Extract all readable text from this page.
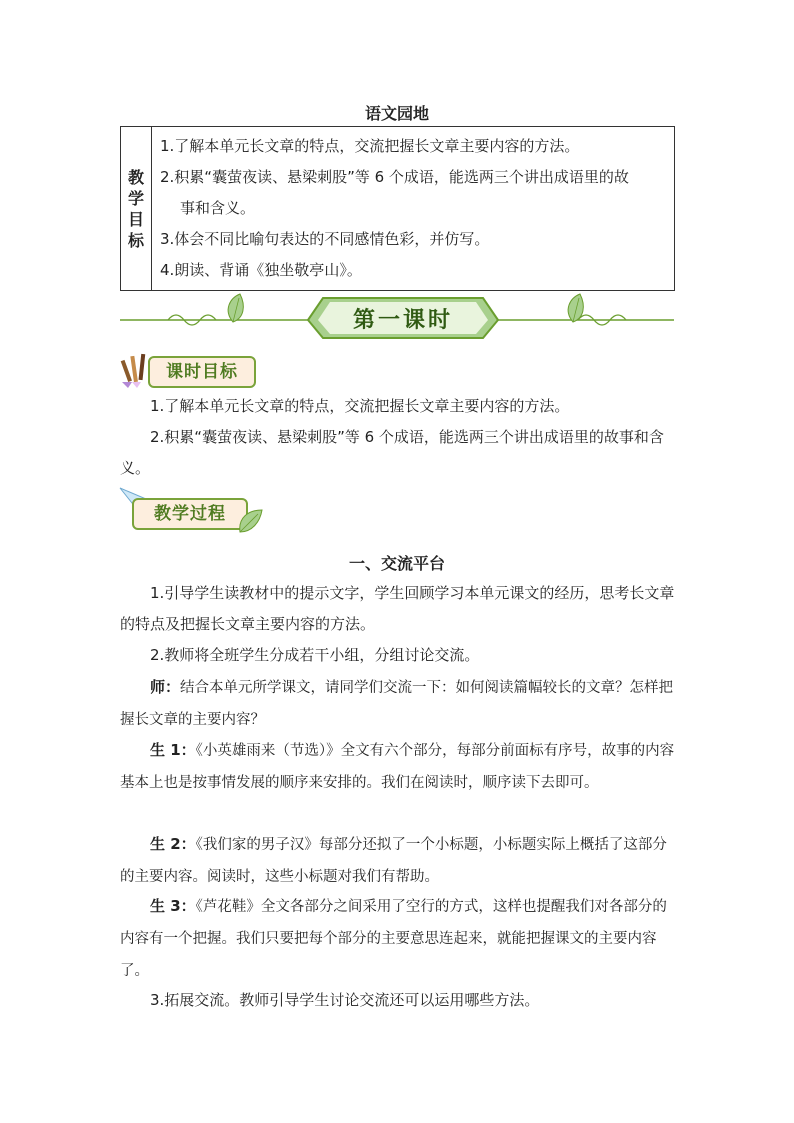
语文园地
教
学
目
标

1.了解本单元长文章的特点，交流把握长文章主要内容的方法。
2.积累“囊萤夜读、悬梁刺股”等 6 个成语，能选两三个讲出成语里的故
事和含义。
3.体会不同比喻句表达的不同感情色彩，并仿写。
4.朗读、背诵《独坐敬亭山》。
第一课时
课时目标
1.了解本单元长文章的特点，交流把握长文章主要内容的方法。
2.积累“囊萤夜读、悬梁刺股”等 6 个成语，能选两三个讲出成语里的故事和含义。
教学过程
一、交流平台
1.引导学生读教材中的提示文字，学生回顾学习本单元课文的经历，思考长文章的特点及把握长文章主要内容的方法。
2.教师将全班学生分成若干小组，分组讨论交流。
师：结合本单元所学课文，请同学们交流一下：如何阅读篇幅较长的文章？怎样把握长文章的主要内容？
生 1：《小英雄雨来（节选）》全文有六个部分，每部分前面标有序号，故事的内容基本上也是按事情发展的顺序来安排的。我们在阅读时，顺序读下去即可。
生 2：《我们家的男子汉》每部分还拟了一个小标题，小标题实际上概括了这部分的主要内容。阅读时，这些小标题对我们有帮助。
生 3：《芦花鞋》全文各部分之间采用了空行的方式，这样也提醒我们对各部分的内容有一个把握。我们只要把每个部分的主要意思连起来，就能把握课文的主要内容了。
3.拓展交流。教师引导学生讨论交流还可以运用哪些方法。
